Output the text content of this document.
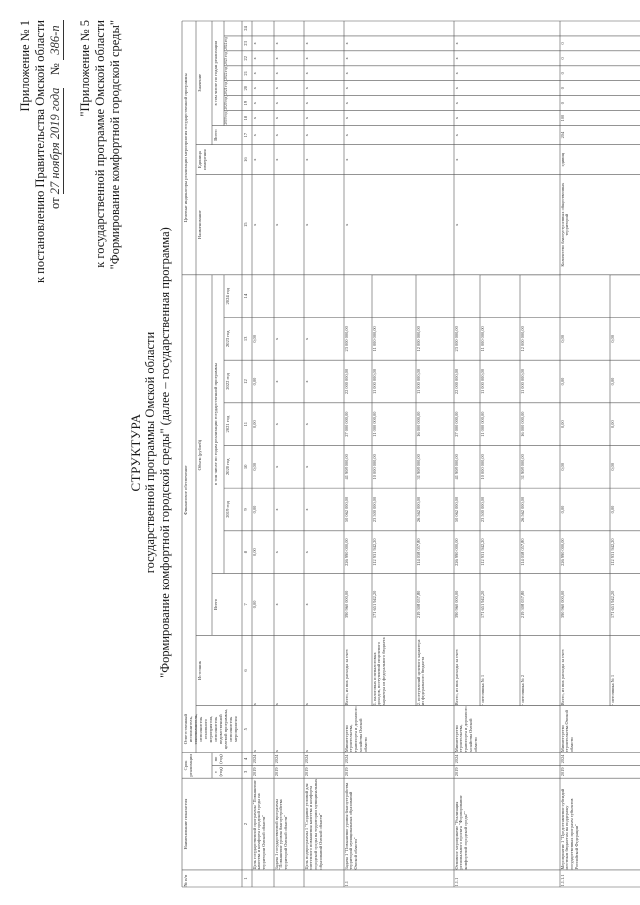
Приложение № 1 к постановлению Правительства Омской области от 27 ноября 2019 года    № 386-п "Приложение № 5 к государственной программе Омской области "Формирование комфортной городской среды"
СТРУКТУРА государственной программы Омской области "Формирование комфортной городской среды" (далее – государственная программа)
№ п/п
Наименование показателя
Срок реализации	с (год)
по (год)
Ответственный исполнитель, соисполнитель, исполнитель основного мероприятия, исполнитель ведомственной целевой программы, исполнитель мероприятия
Финансовое обеспечение
Источник
Объем (рублей)
Всего
в том числе по годам реализации государственной программы
2019 год
2020 год
2021 год
2022 год
2023 год
2024 год
Целевые индикаторы реализации мероприятия государственной программы
Наименование
Единица измерения
Значение
Всего
в том числе по годам реализации
2019 год
2020 год
2021 год
2022 год
2023 год
2024 год
1
2
3
4
5
6
7
8
9
10
11
12
13
14
15
16
17
18
19
20
21
22
23
24
Цель государственной программы "Повышение качества и комфорта городской среды на территории Омской области"
2019
2024
х
х
0,00
0,00
0,00
0,00
0,00
0,00
0,00
х
х
х
х
х
х
х
х
х
Задача 1 государственной программы "Повышение уровня благоустройства территорий Омской области"
2019
2024
х
х
х
х
х
х
х
х
х
х
х
х
х
х
х
х
х
х
Цель подпрограммы 1 "Создание условий для системного повышения качества и комфорта городской среды на территории муниципальных образований Омской области"
2019
2024
х
х
х
х
х
х
х
х
х
х
х
х
х
х
х
х
х
х
1.1
Задача 1 "Повышение уровня благоустройства территорий муниципальных образований Омской области"
2019
2024
Министерство строительства, транспорта и дорожного хозяйства Омской области
Всего, из них расходы за счет:
390 960 000,00
226 990 000,00
50 062 000,00
41 908 000,00
27 000 000,00
22 000 000,00
23 000 000,00
х
х
х
х
х
х
х
х
х
1. налоговых и неналоговых доходов, поступлений нецелевого характера из федерального бюджета
171 651 942,20
112 931 942,20
23 500 000,00
10 000 000,00
11 000 000,00
11 000 000,00
11 000 000,00
2. поступлений целевого характера из федерального бюджета
219 308 057,80
114 058 057,80
26 562 000,00
31 908 000,00
16 000 000,00
11 000 000,00
12 000 000,00
1.1.1
Основное мероприятие "Реализация регионального проекта "Формирование комфортной городской среды""
2019
2024
Министерство строительства, транспорта и дорожного хозяйства Омской области
Всего, из них расходы за счет:
390 960 000,00
226 990 000,00
50 062 000,00
41 908 000,00
27 000 000,00
22 000 000,00
23 000 000,00
х
х
х
х
х
х
х
х
х
- источника № 1
171 651 942,20
112 931 942,20
23 500 000,00
10 000 000,00
11 000 000,00
11 000 000,00
11 000 000,00
- источника № 2
219 308 057,80
114 058 057,80
26 562 000,00
31 908 000,00
16 000 000,00
11 000 000,00
12 000 000,00
1.1.1.1
Мероприятие 1 "Предоставление субсидий местным бюджетам на поддержку государственных программ субъектов Российской Федерации"
2019
2024
Министерство строительства Омской области
Всего, из них расходы за счет:
390 960 000,00
226 990 000,00
0,00
0,00
0,00
0,00
0,00
Количество благоустроенных общественных территорий
единиц
204
100
0
0
0
0
0
- источника № 1
171 651 942,20
112 931 942,20
0,00
0,00
0,00
0,00
0,00
